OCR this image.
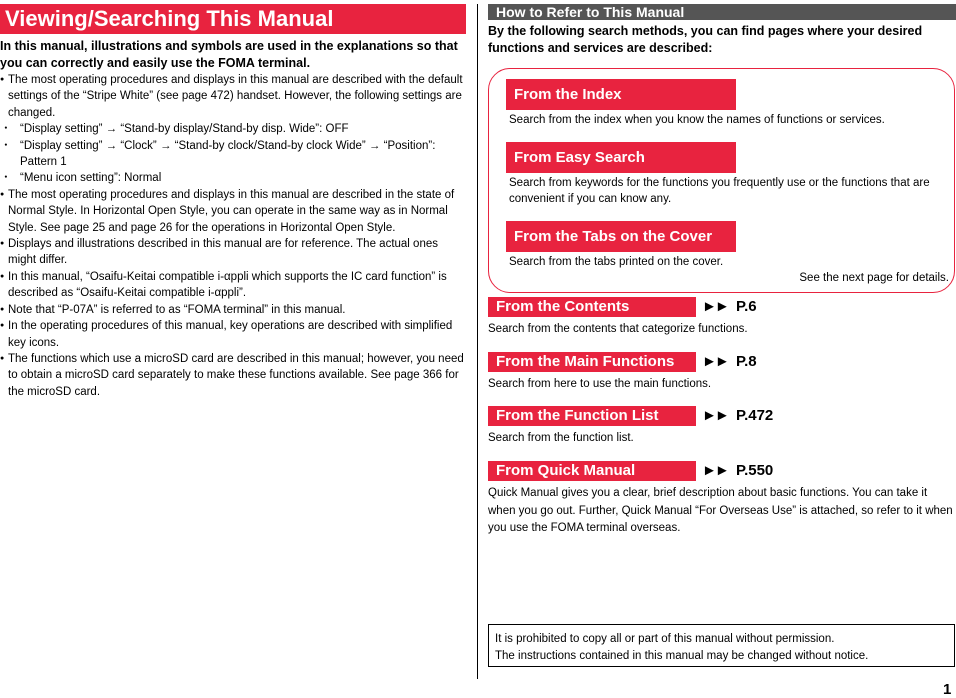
Viewing/Searching This Manual
In this manual, illustrations and symbols are used in the explanations so that you can correctly and easily use the FOMA terminal.
● The most operating procedures and displays in this manual are described with the default settings of the “Stripe White” (see page 472) handset. However, the following settings are changed.
･ “Display setting” → “Stand-by display/Stand-by disp. Wide”: OFF
･ “Display setting” → “Clock” → “Stand-by clock/Stand-by clock Wide” → “Position”:
Pattern 1
･ “Menu icon setting”: Normal
● The most operating procedures and displays in this manual are described in the state of Normal Style. In Horizontal Open Style, you can operate in the same way as in Normal Style. See page 25 and page 26 for the operations in Horizontal Open Style.
● Displays and illustrations described in this manual are for reference. The actual ones might differ.
● In this manual, “Osaifu-Keitai compatible i-αppli which supports the IC card function” is described as “Osaifu-Keitai compatible i-αppli”.
● Note that “P-07A” is referred to as “FOMA terminal” in this manual.
● In the operating procedures of this manual, key operations are described with simplified key icons.
● The functions which use a microSD card are described in this manual; however, you need to obtain a microSD card separately to make these functions available. See page 366 for the microSD card.
How to Refer to This Manual
By the following search methods, you can find pages where your desired functions and services are described:
From the Index
Search from the index when you know the names of functions or services.
From Easy Search
Search from keywords for the functions you frequently use or the functions that are convenient if you can know any.
From the Tabs on the Cover
Search from the tabs printed on the cover.
See the next page for details.
From the Contents	►► P.6
Search from the contents that categorize functions.
From the Main Functions	►► P.8
Search from here to use the main functions.
From the Function List	►► P.472
Search from the function list.
From Quick Manual	►► P.550
Quick Manual gives you a clear, brief description about basic functions. You can take it when you go out. Further, Quick Manual “For Overseas Use” is attached, so refer to it when you use the FOMA terminal overseas.
It is prohibited to copy all or part of this manual without permission.
The instructions contained in this manual may be changed without notice.
1
